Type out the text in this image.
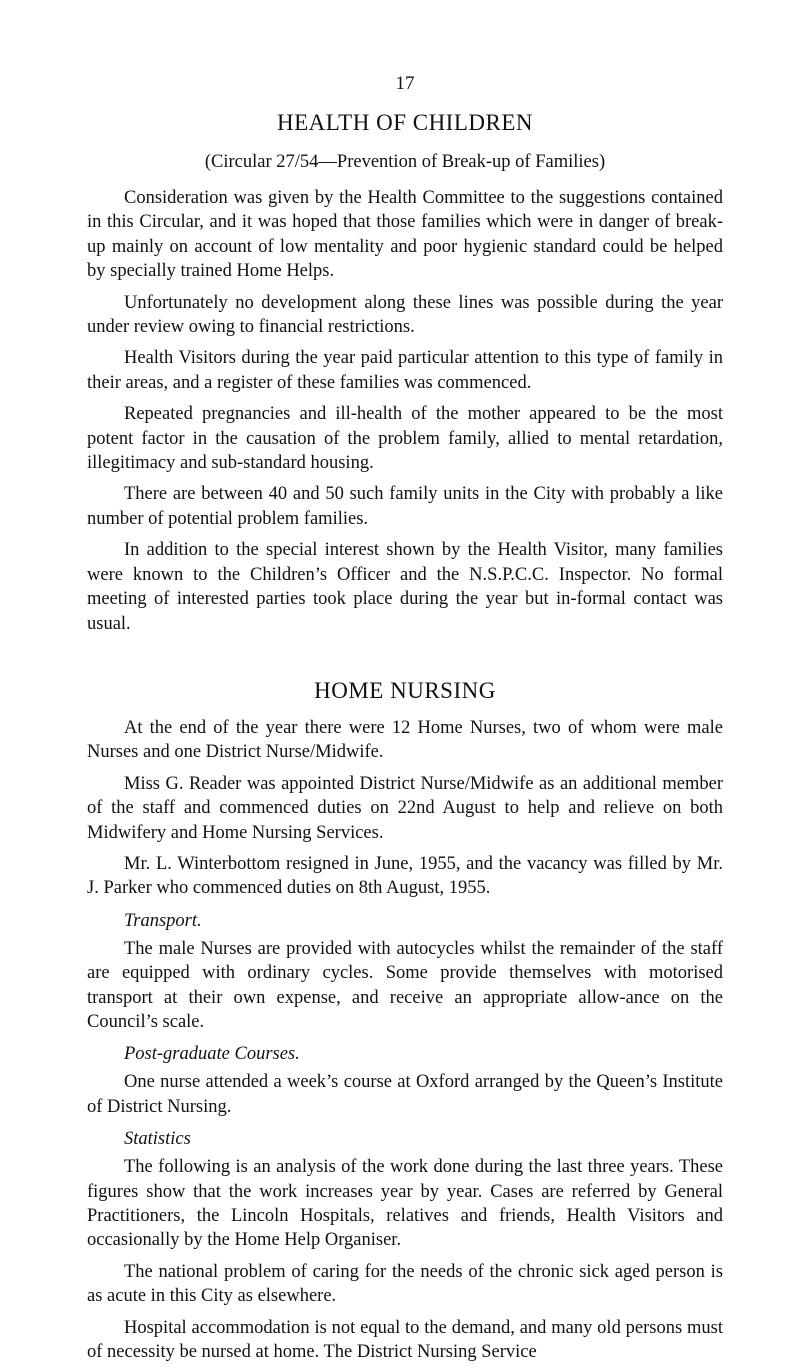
17
HEALTH OF CHILDREN
(Circular 27/54—Prevention of Break-up of Families)

Consideration was given by the Health Committee to the suggestions contained in this Circular, and it was hoped that those families which were in danger of break-up mainly on account of low mentality and poor hygienic standard could be helped by specially trained Home Helps.

Unfortunately no development along these lines was possible during the year under review owing to financial restrictions.

Health Visitors during the year paid particular attention to this type of family in their areas, and a register of these families was commenced.

Repeated pregnancies and ill-health of the mother appeared to be the most potent factor in the causation of the problem family, allied to mental retardation, illegitimacy and sub-standard housing.

There are between 40 and 50 such family units in the City with probably a like number of potential problem families.

In addition to the special interest shown by the Health Visitor, many families were known to the Children’s Officer and the N.S.P.C.C. Inspector. No formal meeting of interested parties took place during the year but in-formal contact was usual.

HOME NURSING

At the end of the year there were 12 Home Nurses, two of whom were male Nurses and one District Nurse/Midwife.

Miss G. Reader was appointed District Nurse/Midwife as an additional member of the staff and commenced duties on 22nd August to help and relieve on both Midwifery and Home Nursing Services.

Mr. L. Winterbottom resigned in June, 1955, and the vacancy was filled by Mr. J. Parker who commenced duties on 8th August, 1955.

Transport.

The male Nurses are provided with autocycles whilst the remainder of the staff are equipped with ordinary cycles. Some provide themselves with motorised transport at their own expense, and receive an appropriate allow-ance on the Council’s scale.

Post-graduate Courses.

One nurse attended a week’s course at Oxford arranged by the Queen’s Institute of District Nursing.

Statistics

The following is an analysis of the work done during the last three years. These figures show that the work increases year by year. Cases are referred by General Practitioners, the Lincoln Hospitals, relatives and friends, Health Visitors and occasionally by the Home Help Organiser.

The national problem of caring for the needs of the chronic sick aged person is as acute in this City as elsewhere.

Hospital accommodation is not equal to the demand, and many old persons must of necessity be nursed at home. The District Nursing Service
